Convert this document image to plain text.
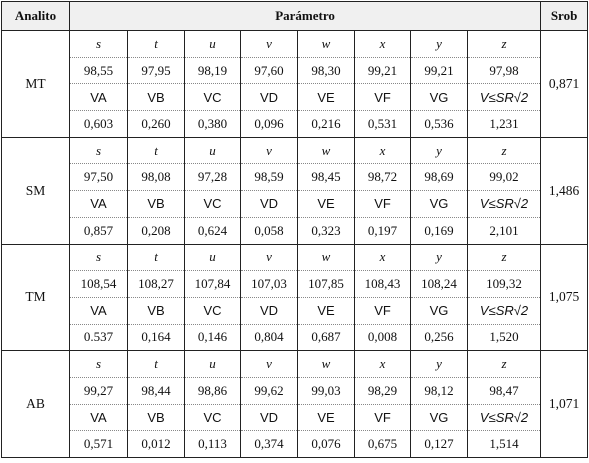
Analito	Parámetro								Srob
MT	s	t	u	v	w	x	y	z	0,871
	98,55	97,95	98,19	97,60	98,30	99,21	99,21	97,98	
	VA	VB	VC	VD	VE	VF	VG	V≤SR√2	
	0,603	0,260	0,380	0,096	0,216	0,531	0,536	1,231	
SM	s	t	u	v	w	x	y	z	1,486
	97,50	98,08	97,28	98,59	98,45	98,72	98,69	99,02	
	VA	VB	VC	VD	VE	VF	VG	V≤SR√2	
	0,857	0,208	0,624	0,058	0,323	0,197	0,169	2,101	
TM	s	t	u	v	w	x	y	z	1,075
	108,54	108,27	107,84	107,03	107,85	108,43	108,24	109,32	
	VA	VB	VC	VD	VE	VF	VG	V≤SR√2	
	0.537	0,164	0,146	0,804	0,687	0,008	0,256	1,520	
AB	s	t	u	v	w	x	y	z	1,071
	99,27	98,44	98,86	99,62	99,03	98,29	98,12	98,47	
	VA	VB	VC	VD	VE	VF	VG	V≤SR√2	
	0,571	0,012	0,113	0,374	0,076	0,675	0,127	1,514	
